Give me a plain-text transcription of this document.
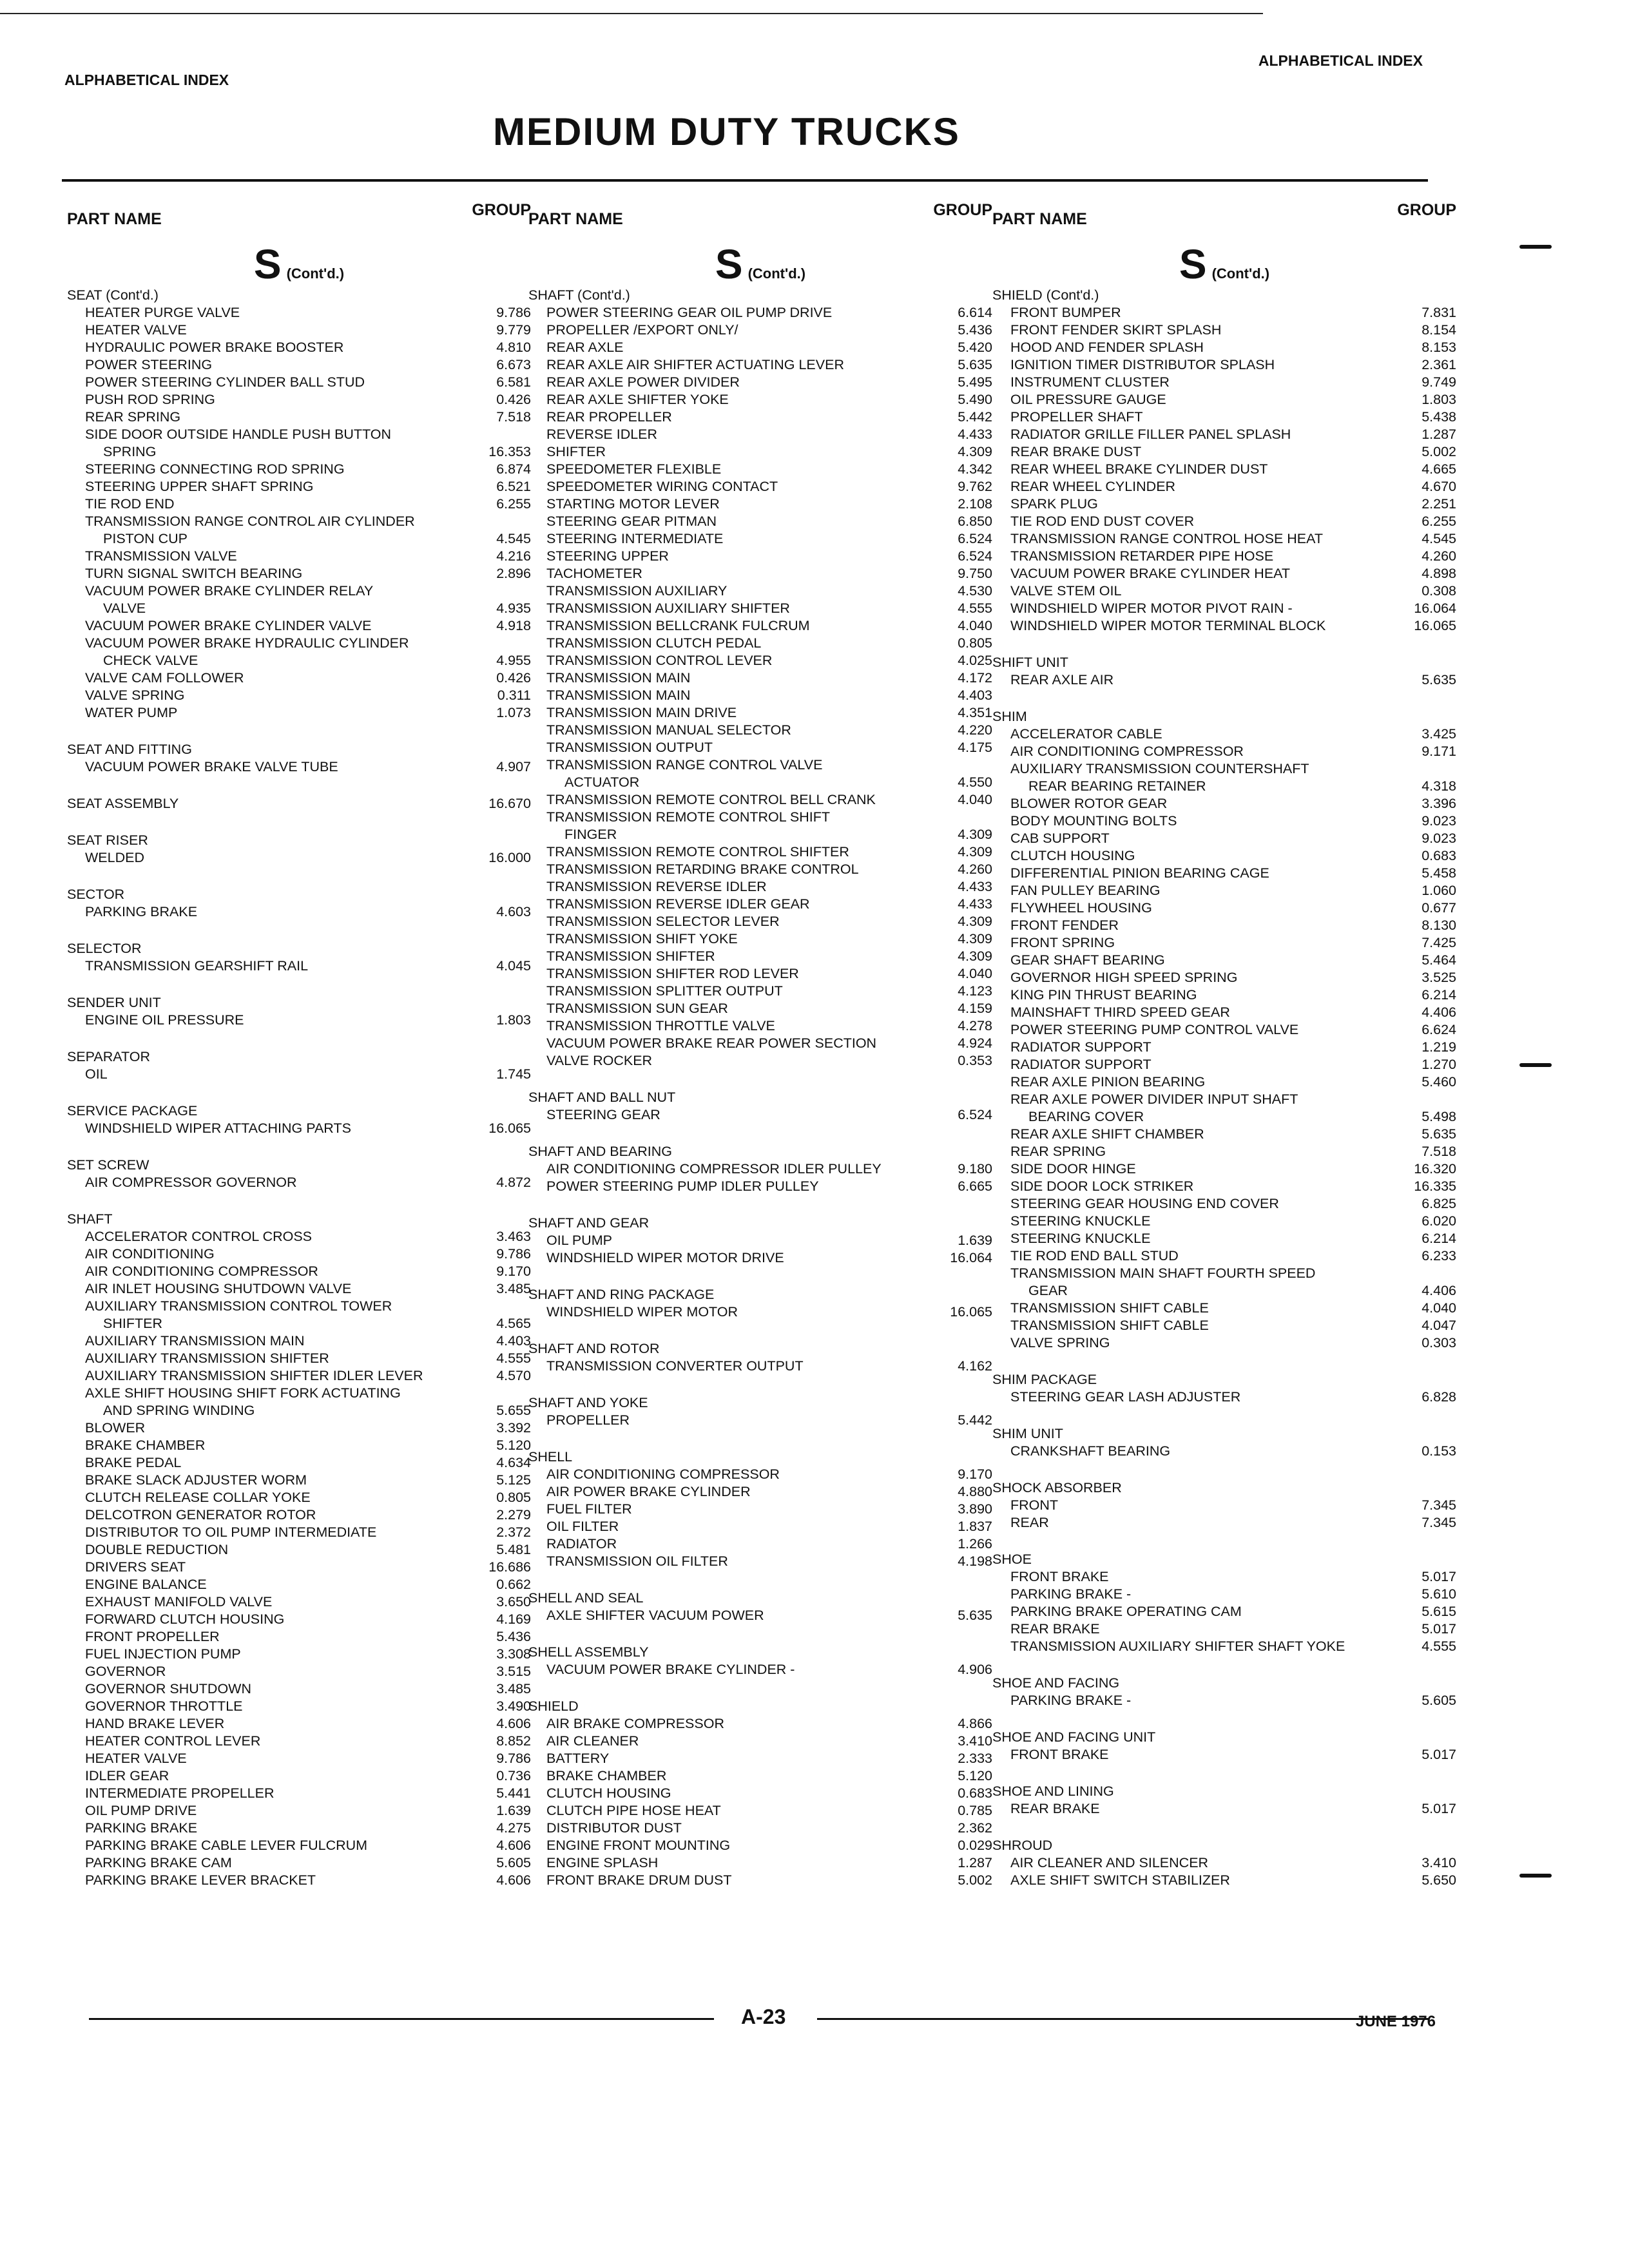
ALPHABETICAL INDEX
ALPHABETICAL INDEX
MEDIUM DUTY TRUCKS
PART NAME	GROUP
S (Cont'd.)
SEAT (Cont'd.)
HEATER PURGE VALVE	9.786
HEATER VALVE	9.779
HYDRAULIC POWER BRAKE BOOSTER	4.810
POWER STEERING	6.673
POWER STEERING CYLINDER BALL STUD	6.581
PUSH ROD SPRING	0.426
REAR SPRING	7.518
SIDE DOOR OUTSIDE HANDLE PUSH BUTTON
SPRING	16.353
STEERING CONNECTING ROD SPRING	6.874
STEERING UPPER SHAFT SPRING	6.521
TIE ROD END	6.255
TRANSMISSION RANGE CONTROL AIR CYLINDER
PISTON CUP	4.545
TRANSMISSION VALVE	4.216
TURN SIGNAL SWITCH BEARING	2.896
VACUUM POWER BRAKE CYLINDER RELAY
VALVE	4.935
VACUUM POWER BRAKE CYLINDER VALVE	4.918
VACUUM POWER BRAKE HYDRAULIC CYLINDER
CHECK VALVE	4.955
VALVE CAM FOLLOWER	0.426
VALVE SPRING	0.311
WATER PUMP	1.073
SEAT AND FITTING
VACUUM POWER BRAKE VALVE TUBE	4.907
SEAT ASSEMBLY	16.670
SEAT RISER
WELDED	16.000
SECTOR
PARKING BRAKE	4.603
SELECTOR
TRANSMISSION GEARSHIFT RAIL	4.045
SENDER UNIT
ENGINE OIL PRESSURE	1.803
SEPARATOR
OIL	1.745
SERVICE PACKAGE
WINDSHIELD WIPER ATTACHING PARTS	16.065
SET SCREW
AIR COMPRESSOR GOVERNOR	4.872
SHAFT
ACCELERATOR CONTROL CROSS	3.463
AIR CONDITIONING	9.786
AIR CONDITIONING COMPRESSOR	9.170
AIR INLET HOUSING SHUTDOWN VALVE	3.485
AUXILIARY TRANSMISSION CONTROL TOWER
SHIFTER	4.565
AUXILIARY TRANSMISSION MAIN	4.403
AUXILIARY TRANSMISSION SHIFTER	4.555
AUXILIARY TRANSMISSION SHIFTER IDLER LEVER	4.570
AXLE SHIFT HOUSING SHIFT FORK ACTUATING
AND SPRING WINDING	5.655
BLOWER	3.392
BRAKE CHAMBER	5.120
BRAKE PEDAL	4.634
BRAKE SLACK ADJUSTER WORM	5.125
CLUTCH RELEASE COLLAR YOKE	0.805
DELCOTRON GENERATOR ROTOR	2.279
DISTRIBUTOR TO OIL PUMP INTERMEDIATE	2.372
DOUBLE REDUCTION	5.481
DRIVERS SEAT	16.686
ENGINE BALANCE	0.662
EXHAUST MANIFOLD VALVE	3.650
FORWARD CLUTCH HOUSING	4.169
FRONT PROPELLER	5.436
FUEL INJECTION PUMP	3.308
GOVERNOR	3.515
GOVERNOR SHUTDOWN	3.485
GOVERNOR THROTTLE	3.490
HAND BRAKE LEVER	4.606
HEATER CONTROL LEVER	8.852
HEATER VALVE	9.786
IDLER GEAR	0.736
INTERMEDIATE PROPELLER	5.441
OIL PUMP DRIVE	1.639
PARKING BRAKE	4.275
PARKING BRAKE CABLE LEVER FULCRUM	4.606
PARKING BRAKE CAM	5.605
PARKING BRAKE LEVER BRACKET	4.606
PART NAME	GROUP
S (Cont'd.)
SHAFT (Cont'd.)
POWER STEERING GEAR OIL PUMP DRIVE	6.614
PROPELLER /EXPORT ONLY/	5.436
REAR AXLE	5.420
REAR AXLE AIR SHIFTER ACTUATING LEVER	5.635
REAR AXLE POWER DIVIDER	5.495
REAR AXLE SHIFTER YOKE	5.490
REAR PROPELLER	5.442
REVERSE IDLER	4.433
SHIFTER	4.309
SPEEDOMETER FLEXIBLE	4.342
SPEEDOMETER WIRING CONTACT	9.762
STARTING MOTOR LEVER	2.108
STEERING GEAR PITMAN	6.850
STEERING INTERMEDIATE	6.524
STEERING UPPER	6.524
TACHOMETER	9.750
TRANSMISSION AUXILIARY	4.530
TRANSMISSION AUXILIARY SHIFTER	4.555
TRANSMISSION BELLCRANK FULCRUM	4.040
TRANSMISSION CLUTCH PEDAL	0.805
TRANSMISSION CONTROL LEVER	4.025
TRANSMISSION MAIN	4.172
TRANSMISSION MAIN	4.403
TRANSMISSION MAIN DRIVE	4.351
TRANSMISSION MANUAL SELECTOR	4.220
TRANSMISSION OUTPUT	4.175
TRANSMISSION RANGE CONTROL VALVE
ACTUATOR	4.550
TRANSMISSION REMOTE CONTROL BELL CRANK	4.040
TRANSMISSION REMOTE CONTROL SHIFT
FINGER	4.309
TRANSMISSION REMOTE CONTROL SHIFTER	4.309
TRANSMISSION RETARDING BRAKE CONTROL	4.260
TRANSMISSION REVERSE IDLER	4.433
TRANSMISSION REVERSE IDLER GEAR	4.433
TRANSMISSION SELECTOR LEVER	4.309
TRANSMISSION SHIFT YOKE	4.309
TRANSMISSION SHIFTER	4.309
TRANSMISSION SHIFTER ROD LEVER	4.040
TRANSMISSION SPLITTER OUTPUT	4.123
TRANSMISSION SUN GEAR	4.159
TRANSMISSION THROTTLE VALVE	4.278
VACUUM POWER BRAKE REAR POWER SECTION	4.924
VALVE ROCKER	0.353
SHAFT AND BALL NUT
STEERING GEAR	6.524
SHAFT AND BEARING
AIR CONDITIONING COMPRESSOR IDLER PULLEY	9.180
POWER STEERING PUMP IDLER PULLEY	6.665
SHAFT AND GEAR
OIL PUMP	1.639
WINDSHIELD WIPER MOTOR DRIVE	16.064
SHAFT AND RING PACKAGE
WINDSHIELD WIPER MOTOR	16.065
SHAFT AND ROTOR
TRANSMISSION CONVERTER OUTPUT	4.162
SHAFT AND YOKE
PROPELLER	5.442
SHELL
AIR CONDITIONING COMPRESSOR	9.170
AIR POWER BRAKE CYLINDER	4.880
FUEL FILTER	3.890
OIL FILTER	1.837
RADIATOR	1.266
TRANSMISSION OIL FILTER	4.198
SHELL AND SEAL
AXLE SHIFTER VACUUM POWER	5.635
SHELL ASSEMBLY
VACUUM POWER BRAKE CYLINDER -	4.906
SHIELD
AIR BRAKE COMPRESSOR	4.866
AIR CLEANER	3.410
BATTERY	2.333
BRAKE CHAMBER	5.120
CLUTCH HOUSING	0.683
CLUTCH PIPE HOSE HEAT	0.785
DISTRIBUTOR DUST	2.362
ENGINE FRONT MOUNTING	0.029
ENGINE SPLASH	1.287
FRONT BRAKE DRUM DUST	5.002
PART NAME	GROUP
S (Cont'd.)
SHIELD (Cont'd.)
FRONT BUMPER	7.831
FRONT FENDER SKIRT SPLASH	8.154
HOOD AND FENDER SPLASH	8.153
IGNITION TIMER DISTRIBUTOR SPLASH	2.361
INSTRUMENT CLUSTER	9.749
OIL PRESSURE GAUGE	1.803
PROPELLER SHAFT	5.438
RADIATOR GRILLE FILLER PANEL SPLASH	1.287
REAR BRAKE DUST	5.002
REAR WHEEL BRAKE CYLINDER DUST	4.665
REAR WHEEL CYLINDER	4.670
SPARK PLUG	2.251
TIE ROD END DUST COVER	6.255
TRANSMISSION RANGE CONTROL HOSE HEAT	4.545
TRANSMISSION RETARDER PIPE HOSE	4.260
VACUUM POWER BRAKE CYLINDER HEAT	4.898
VALVE STEM OIL	0.308
WINDSHIELD WIPER MOTOR PIVOT RAIN -	16.064
WINDSHIELD WIPER MOTOR TERMINAL BLOCK	16.065
SHIFT UNIT
REAR AXLE AIR	5.635
SHIM
ACCELERATOR CABLE	3.425
AIR CONDITIONING COMPRESSOR	9.171
AUXILIARY TRANSMISSION COUNTERSHAFT
REAR BEARING RETAINER	4.318
BLOWER ROTOR GEAR	3.396
BODY MOUNTING BOLTS	9.023
CAB SUPPORT	9.023
CLUTCH HOUSING	0.683
DIFFERENTIAL PINION BEARING CAGE	5.458
FAN PULLEY BEARING	1.060
FLYWHEEL HOUSING	0.677
FRONT FENDER	8.130
FRONT SPRING	7.425
GEAR SHAFT BEARING	5.464
GOVERNOR HIGH SPEED SPRING	3.525
KING PIN THRUST BEARING	6.214
MAINSHAFT THIRD SPEED GEAR	4.406
POWER STEERING PUMP CONTROL VALVE	6.624
RADIATOR SUPPORT	1.219
RADIATOR SUPPORT	1.270
REAR AXLE PINION BEARING	5.460
REAR AXLE POWER DIVIDER INPUT SHAFT
BEARING COVER	5.498
REAR AXLE SHIFT CHAMBER	5.635
REAR SPRING	7.518
SIDE DOOR HINGE	16.320
SIDE DOOR LOCK STRIKER	16.335
STEERING GEAR HOUSING END COVER	6.825
STEERING KNUCKLE	6.020
STEERING KNUCKLE	6.214
TIE ROD END BALL STUD	6.233
TRANSMISSION MAIN SHAFT FOURTH SPEED
GEAR	4.406
TRANSMISSION SHIFT CABLE	4.040
TRANSMISSION SHIFT CABLE	4.047
VALVE SPRING	0.303
SHIM PACKAGE
STEERING GEAR LASH ADJUSTER	6.828
SHIM UNIT
CRANKSHAFT BEARING	0.153
SHOCK ABSORBER
FRONT	7.345
REAR	7.345
SHOE
FRONT BRAKE	5.017
PARKING BRAKE -	5.610
PARKING BRAKE OPERATING CAM	5.615
REAR BRAKE	5.017
TRANSMISSION AUXILIARY SHIFTER SHAFT YOKE	4.555
SHOE AND FACING
PARKING BRAKE -	5.605
SHOE AND FACING UNIT
FRONT BRAKE	5.017
SHOE AND LINING
REAR BRAKE	5.017
SHROUD
AIR CLEANER AND SILENCER	3.410
AXLE SHIFT SWITCH STABILIZER	5.650
A-23	JUNE 1976
